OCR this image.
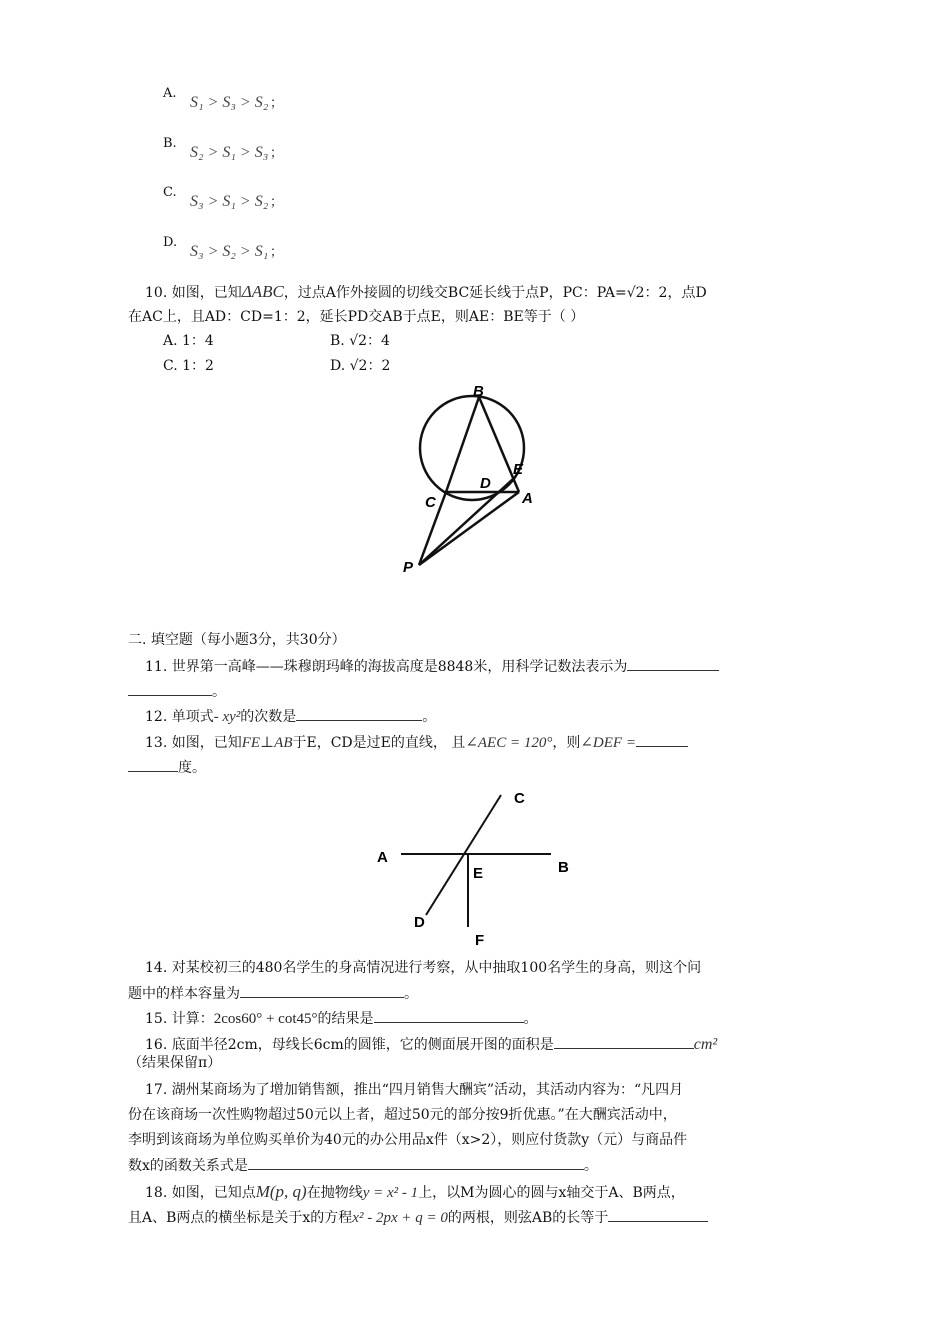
A.
S₁ > S₃ > S₂ ；
B.
S₂ > S₁ > S₃ ；
C.
S₃ > S₁ > S₂ ；
D.
S₃ > S₂ > S₁ ；
10. 如图，已知ΔABC，过点A作外接圆的切线交BC延长线于点P，PC：PA=√2：2，点D
在AC上，且AD：CD=1：2，延长PD交AB于点E，则AE：BE等于（ ）
A. 1：4	B. √2：4
C. 1：2	D. √2：2
B
C
D
E
A
P
二. 填空题（每小题3分，共30分）
11. 世界第一高峰——珠穆朗玛峰的海拔高度是8848米，用科学记数法表示为
。
12. 单项式- xy²的次数是	。
13. 如图，已知FE⊥AB于E，CD是过E的直线， 且∠AEC = 120°，则∠DEF =
度。
A
B
C
D
E
F
14. 对某校初三的480名学生的身高情况进行考察，从中抽取100名学生的身高，则这个问
题中的样本容量为	。
15. 计算：2cos60° + cot45°的结果是	。
16. 底面半径2cm，母线长6cm的圆锥，它的侧面展开图的面积是	cm²
（结果保留π）
17. 湖州某商场为了增加销售额，推出“四月销售大酬宾”活动，其活动内容为：“凡四月
份在该商场一次性购物超过50元以上者，超过50元的部分按9折优惠。”在大酬宾活动中，
李明到该商场为单位购买单价为40元的办公用品x件（x>2），则应付货款y（元）与商品件
数x的函数关系式是	。
18. 如图，已知点M(p, q)在抛物线y = x² - 1上，以M为圆心的圆与x轴交于A、B两点，
且A、B两点的横坐标是关于x的方程x² - 2px + q = 0的两根，则弦AB的长等于
